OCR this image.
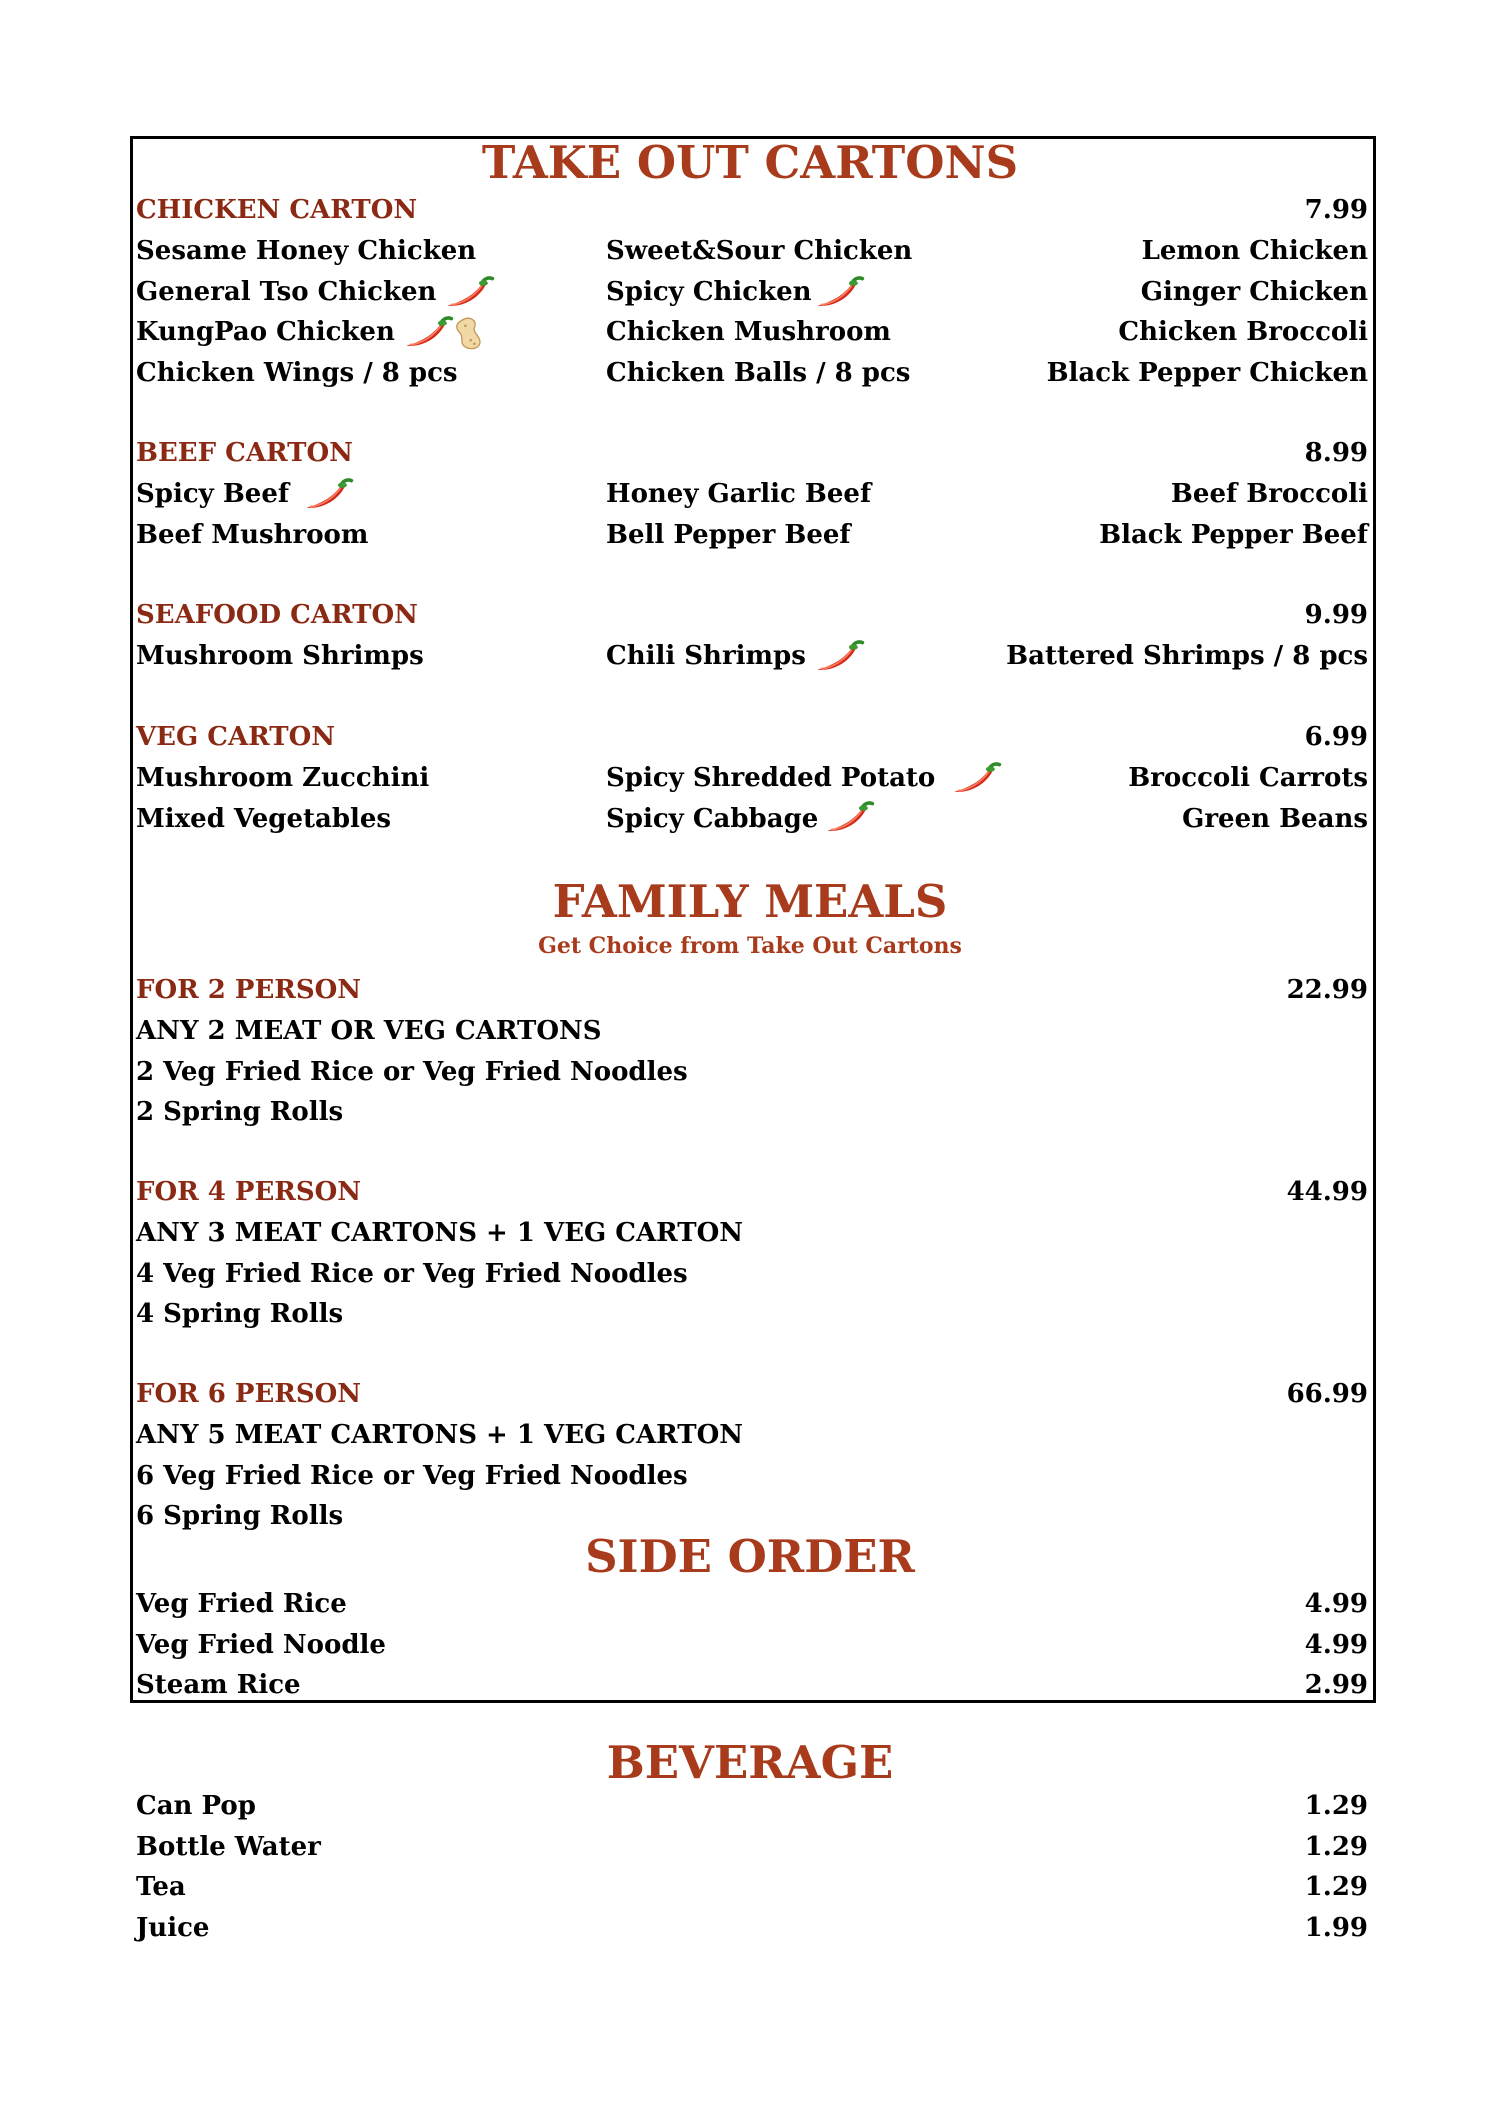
TAKE OUT CARTONS
CHICKEN CARTON	7.99
Sesame Honey Chicken	Sweet&Sour Chicken	Lemon Chicken
General Tso Chicken	Spicy Chicken	Ginger Chicken
KungPao Chicken	Chicken Mushroom	Chicken Broccoli
Chicken Wings / 8 pcs	Chicken Balls / 8 pcs	Black Pepper Chicken
BEEF CARTON	8.99
Spicy Beef	Honey Garlic Beef	Beef Broccoli
Beef Mushroom	Bell Pepper Beef	Black Pepper Beef
SEAFOOD CARTON	9.99
Mushroom Shrimps	Chili Shrimps	Battered Shrimps / 8 pcs
VEG CARTON	6.99
Mushroom Zucchini	Spicy Shredded Potato	Broccoli Carrots
Mixed Vegetables	Spicy Cabbage	Green Beans
FAMILY MEALS
Get Choice from Take Out Cartons
FOR 2 PERSON	22.99
ANY 2 MEAT OR VEG CARTONS
2 Veg Fried Rice or Veg Fried Noodles
2 Spring Rolls
FOR 4 PERSON	44.99
ANY 3 MEAT CARTONS + 1 VEG CARTON
4 Veg Fried Rice or Veg Fried Noodles
4 Spring Rolls
FOR 6 PERSON	66.99
ANY 5 MEAT CARTONS + 1 VEG CARTON
6 Veg Fried Rice or Veg Fried Noodles
6 Spring Rolls
SIDE ORDER
Veg Fried Rice	4.99
Veg Fried Noodle	4.99
Steam Rice	2.99
BEVERAGE
Can Pop	1.29
Bottle Water	1.29
Tea	1.29
Juice	1.99
